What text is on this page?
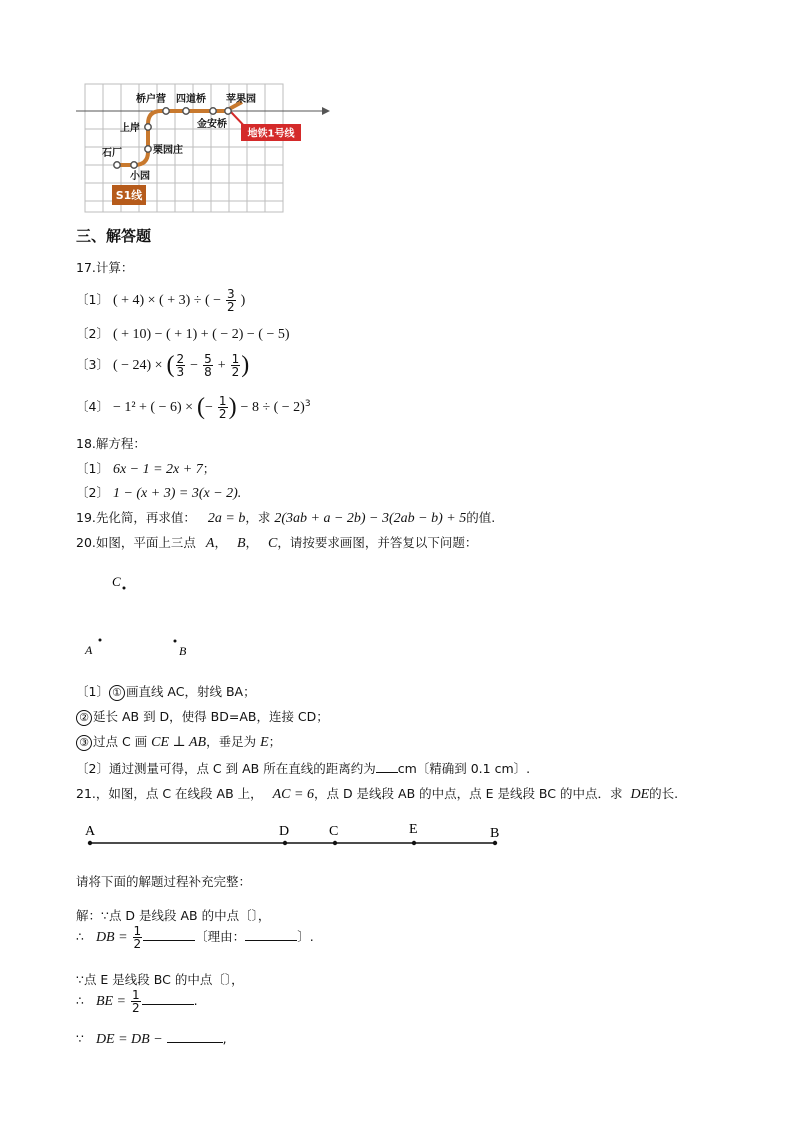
地铁1号线
S1线
桥户营 四道桥 苹果园
上岸	金安桥
栗园庄
石厂
小园
三、解答题
17.计算：
〔1〕 ( + 4) × ( + 3) ÷ ( − $\frac{3}{2}$ )
〔2〕 ( + 10) − ( + 1) + ( − 2) − ( − 5)
〔3〕 ( − 24) × ( $\frac{2}{3} - \frac{5}{8} + \frac{1}{2}$ )
〔4〕 − 1² + ( − 6) × (− $\frac{1}{2}$ ) − 8 ÷ ( − 2)$^3$
18.解方程：
〔1〕 6x − 1 = 2x + 7；
〔2〕 1 − (x + 3) = 3(x − 2).
19.先化简，再求值： 2a = b，求 2(3ab + a − 2b) − 3(2ab − b) + 5的值.
20.如图，平面上三点 A， B， C，请按要求画图，并答复以下问题：
C
A	B
〔1〕 ① 画直线 AC，射线 BA；
② 延长 AB 到 D，使得 BD=AB，连接 CD；
③ 过点 C 画 CE ⊥ AB，垂足为 E；
〔2〕通过测量可得，点 C 到 AB 所在直线的距离约为 cm〔精确到 0.1 cm〕.
21.，如图，点 C 在线段 AB 上， AC = 6，点 D 是线段 AB 的中点，点 E 是线段 BC 的中点．求 DE的长.
A	D	C	E	B
请将下面的解题过程补充完整：
解：∵点 D 是线段 AB 的中点〔〕，
∴ DB = $\frac{1}{2}$	〔理由：	〕.
∵点 E 是线段 BC 的中点〔〕，
∴ BE = $\frac{1}{2}$	.
∵ DE = DB −	,
